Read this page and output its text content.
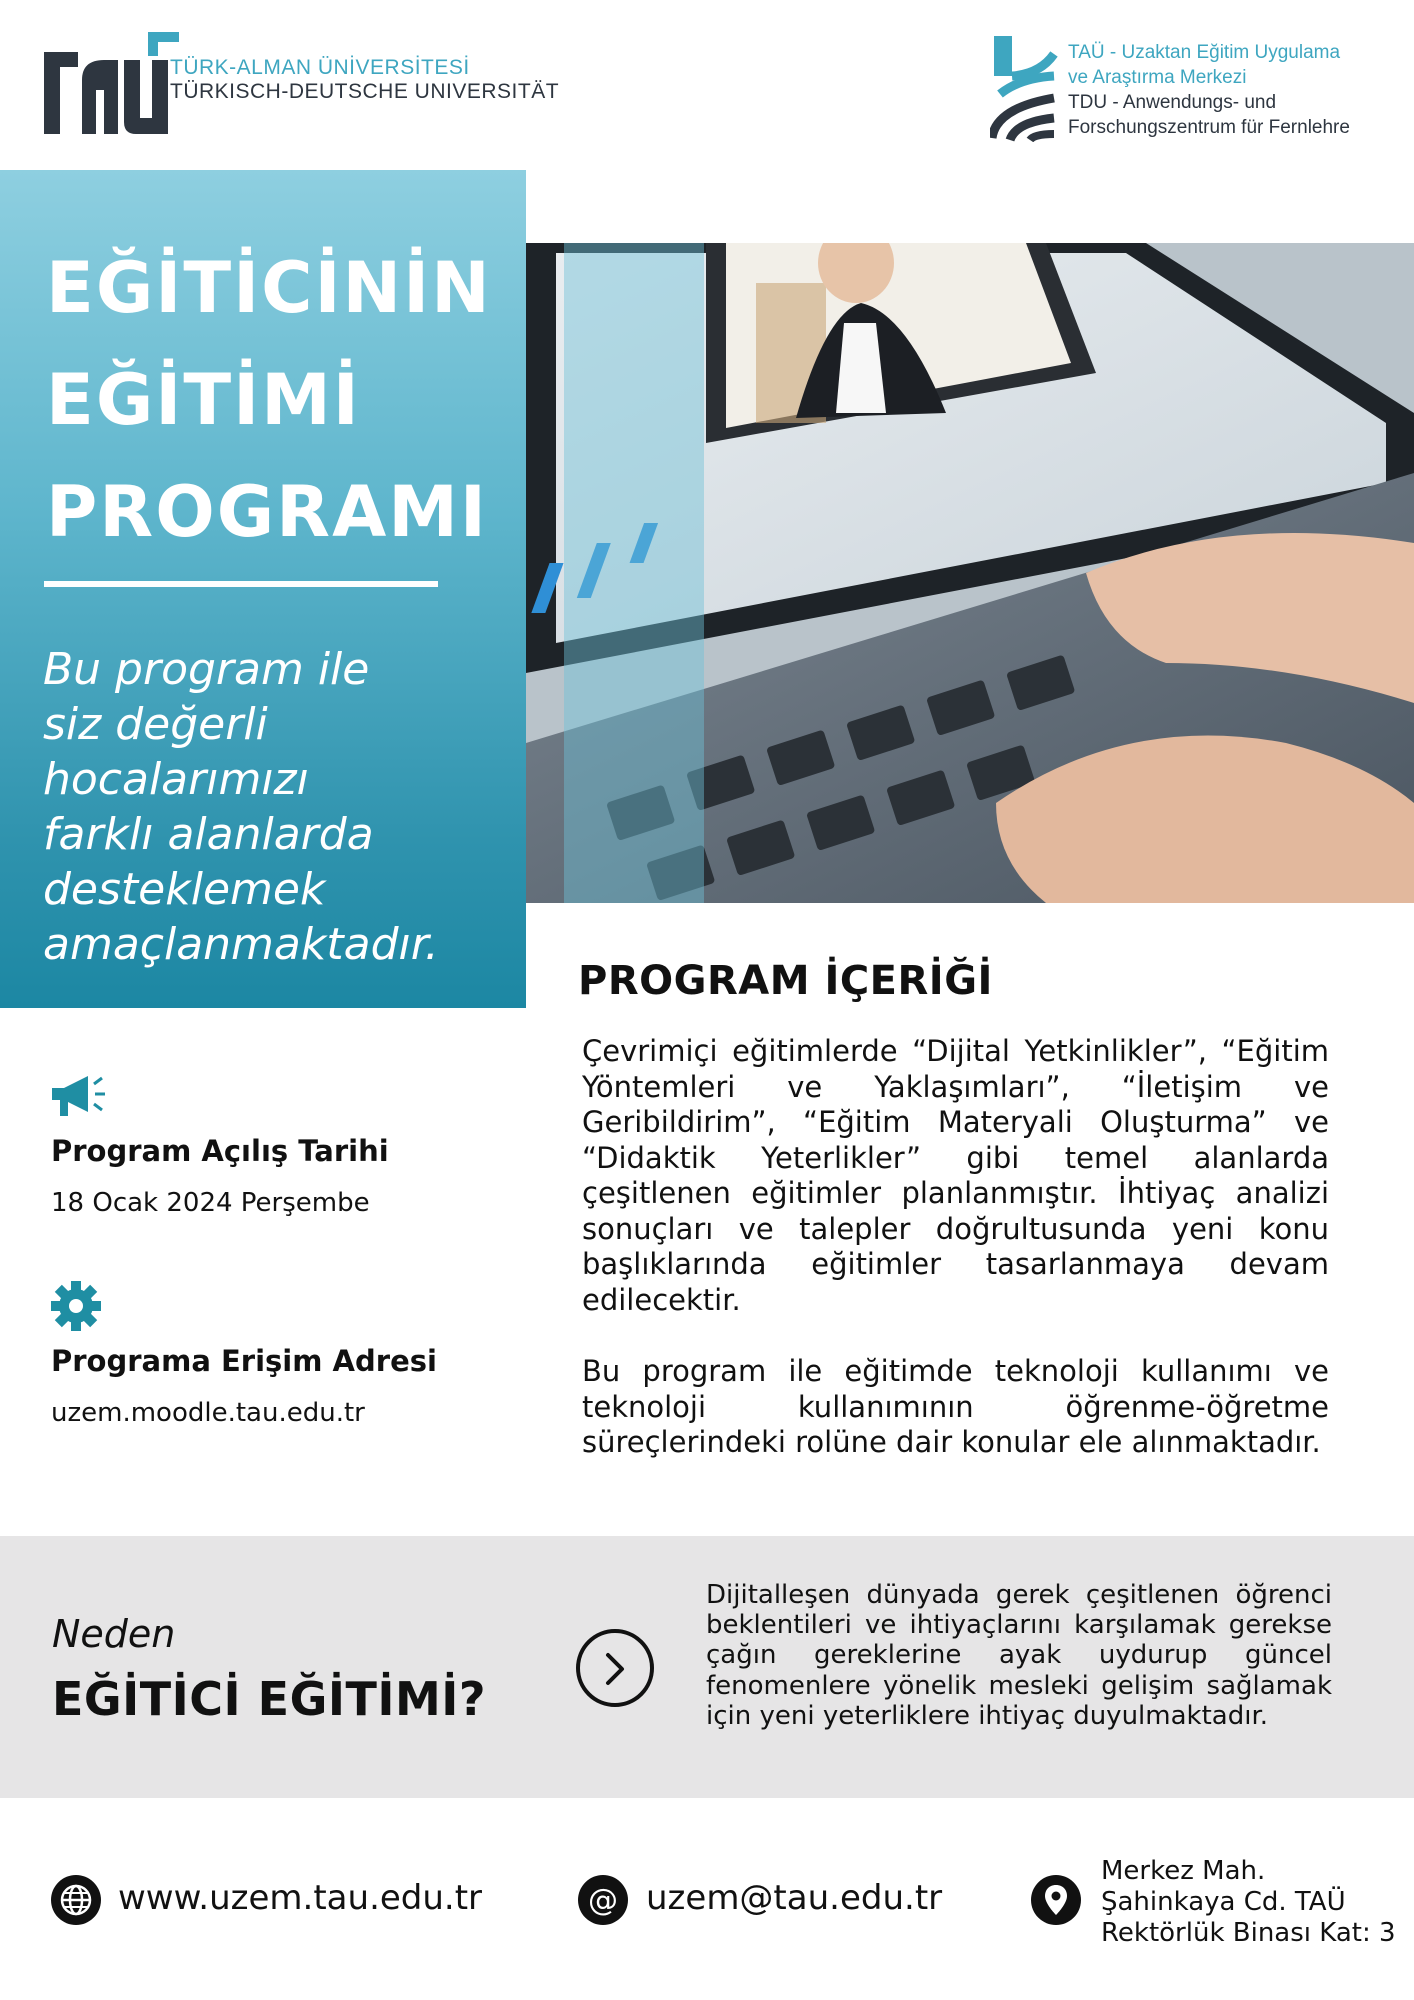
TÜRK-ALMAN ÜNİVERSİTESİ
TÜRKISCH-DEUTSCHE UNIVERSITÄT
TAÜ - Uzaktan Eğitim Uygulama
ve Araştırma Merkezi
TDU - Anwendungs- und
Forschungszentrum für Fernlehre
EĞİTİCİNİN
EĞİTİMİ
PROGRAMI
Bu program ile
siz değerli
hocalarımızı
farklı alanlarda
desteklemek
amaçlanmaktadır.
PROGRAM İÇERİĞİ

Çevrimiçi eğitimlerde “Dijital Yetkinlikler”, “Eğitim Yöntemleri ve Yaklaşımları”, “İletişim ve Geribildirim”, “Eğitim Materyali Oluşturma” ve “Didaktik Yeterlikler” gibi temel alanlarda çeşitlenen eğitimler planlanmıştır. İhtiyaç analizi sonuçları ve talepler doğrultusunda yeni konu başlıklarında eğitimler tasarlanmaya devam edilecektir.

Bu program ile eğitimde teknoloji kullanımı ve teknoloji kullanımının öğrenme-öğretme süreçlerindeki rolüne dair konular ele alınmaktadır.

Program Açılış Tarihi
18 Ocak 2024 Perşembe
Programa Erişim Adresi
uzem.moodle.tau.edu.tr
Neden
EĞİTİCİ EĞİTİMİ?

Dijitalleşen dünyada gerek çeşitlenen öğrenci beklentileri ve ihtiyaçlarını karşılamak gerekse çağın gereklerine ayak uydurup güncel fenomenlere yönelik mesleki gelişim sağlamak için yeni yeterliklere ihtiyaç duyulmaktadır.

www.uzem.tau.edu.tr	@ uzem@tau.edu.tr
Merkez Mah.
Şahinkaya Cd. TAÜ
Rektörlük Binası Kat: 3
